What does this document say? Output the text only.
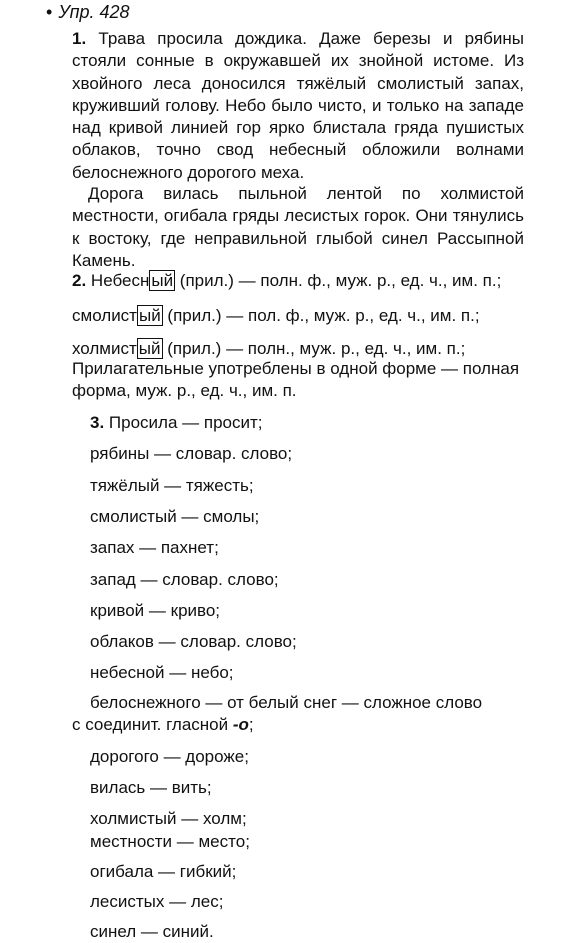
• Упр. 428

1. Трава просила дождика. Даже березы и рябины стояли сонные в окружавшей их знойной истоме. Из хвойного леса доносился тяжёлый смолистый запах, круживший голову. Небо было чисто, и только на западе над кривой линией гор ярко блистала гряда пушистых облаков, точно свод небесный обложили волнами белоснежного дорогого меха.

Дорога вилась пыльной лентой по холмистой местности, огибала гряды лесистых горок. Они тянулись к востоку, где неправильной глыбой синел Рассыпной Камень.

2. Небесн ый (прил.) — полн. ф., муж. р., ед. ч., им. п.;
смолист ый (прил.) — пол. ф., муж. р., ед. ч., им. п.;
холмист ый (прил.) — полн., муж. р., ед. ч., им. п.;

Прилагательные употреблены в одной форме — полная форма, муж. р., ед. ч., им. п.

3. Просила — просит;
рябины — словар. слово;
тяжёлый — тяжесть;
смолистый — смолы;
запах — пахнет;
запад — словар. слово;
кривой — криво;
облаков — словар. слово;
небесной — небо;
белоснежного — от белый снег — сложное слово
с соединит. гласной -о;
дорогого — дороже;
вилась — вить;
холмистый — холм;
местности — место;
огибала — гибкий;
лесистых — лес;
синел — синий.
